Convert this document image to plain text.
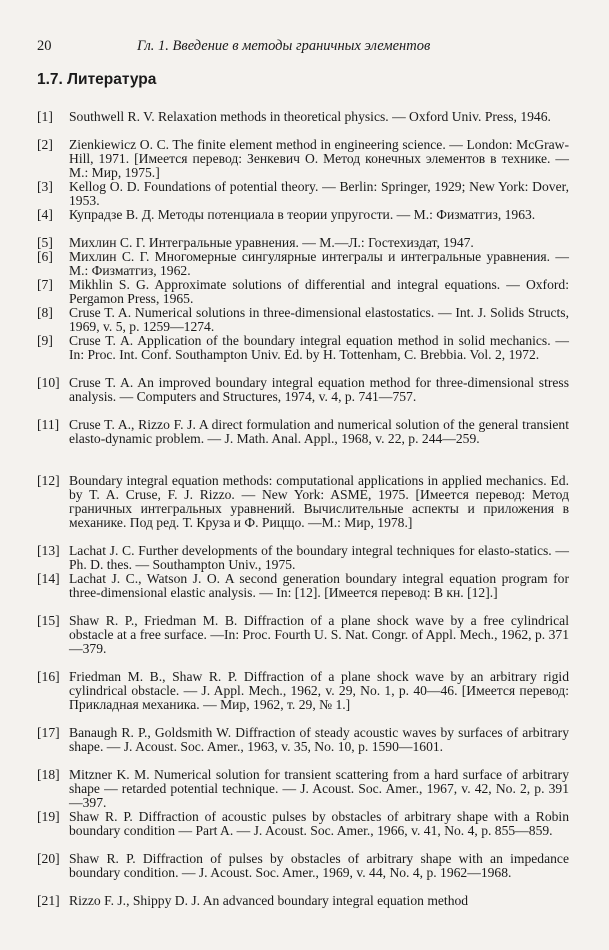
20	Гл. 1. Введение в методы граничных элементов
1.7. Литература

[1] Southwell R. V. Relaxation methods in theoretical physics. — Oxford Univ. Press, 1946.

[2] Zienkiewicz O. C. The finite element method in engineering science. — London: McGraw-Hill, 1971. [Имеется перевод: Зенкевич О. Метод конечных элементов в технике. — М.: Мир, 1975.]

[3] Kellog O. D. Foundations of potential theory. — Berlin: Springer, 1929; New York: Dover, 1953.

[4] Купрадзе В. Д. Методы потенциала в теории упругости. — М.: Физматгиз, 1963.

[5] Михлин С. Г. Интегральные уравнения. — М.—Л.: Гостехиздат, 1947.

[6] Михлин С. Г. Многомерные сингулярные интегралы и интегральные уравнения. —М.: Физматгиз, 1962.

[7] Mikhlin S. G. Approximate solutions of differential and integral equations. — Oxford: Pergamon Press, 1965.

[8] Cruse T. A. Numerical solutions in three-dimensional elastostatics. — Int. J. Solids Structs, 1969, v. 5, p. 1259—1274.

[9] Cruse T. A. Application of the boundary integral equation method in solid mechanics. — In: Proc. Int. Conf. Southampton Univ. Ed. by H. Tottenham, C. Brebbia. Vol. 2, 1972.

[10] Cruse T. A. An improved boundary integral equation method for three-dimensional stress analysis. — Computers and Structures, 1974, v. 4, p. 741—757.

[11] Cruse T. A., Rizzo F. J. A direct formulation and numerical solution of the general transient elasto-dynamic problem. — J. Math. Anal. Appl., 1968, v. 22, p. 244—259.

[12] Boundary integral equation methods: computational applications in applied mechanics. Ed. by T. A. Cruse, F. J. Rizzo. — New York: ASME, 1975. [Имеется перевод: Метод граничных интегральных уравнений. Вычислительные аспекты и приложения в механике. Под ред. Т. Круза и Ф. Рицщо. —М.: Мир, 1978.]

[13] Lachat J. C. Further developments of the boundary integral techniques for elasto-statics. — Ph. D. thes. — Southampton Univ., 1975.

[14] Lachat J. C., Watson J. O. A second generation boundary integral equation program for three-dimensional elastic analysis. — In: [12]. [Имеется перевод: В кн. [12].]

[15] Shaw R. P., Friedman M. B. Diffraction of a plane shock wave by a free cylindrical obstacle at a free surface. —In: Proc. Fourth U. S. Nat. Congr. of Appl. Mech., 1962, p. 371—379.

[16] Friedman M. B., Shaw R. P. Diffraction of a plane shock wave by an arbitrary rigid cylindrical obstacle. — J. Appl. Mech., 1962, v. 29, No. 1, p. 40—46. [Имеется перевод: Прикладная механика. — Мир, 1962, т. 29, № 1.]

[17] Banaugh R. P., Goldsmith W. Diffraction of steady acoustic waves by surfaces of arbitrary shape. — J. Acoust. Soc. Amer., 1963, v. 35, No. 10, p. 1590—1601.

[18] Mitzner K. M. Numerical solution for transient scattering from a hard surface of arbitrary shape — retarded potential technique. — J. Acoust. Soc. Amer., 1967, v. 42, No. 2, p. 391—397.

[19] Shaw R. P. Diffraction of acoustic pulses by obstacles of arbitrary shape with a Robin boundary condition — Part A. — J. Acoust. Soc. Amer., 1966, v. 41, No. 4, p. 855—859.

[20] Shaw R. P. Diffraction of pulses by obstacles of arbitrary shape with an impedance boundary condition. — J. Acoust. Soc. Amer., 1969, v. 44, No. 4, p. 1962—1968.

[21] Rizzo F. J., Shippy D. J. An advanced boundary integral equation method
